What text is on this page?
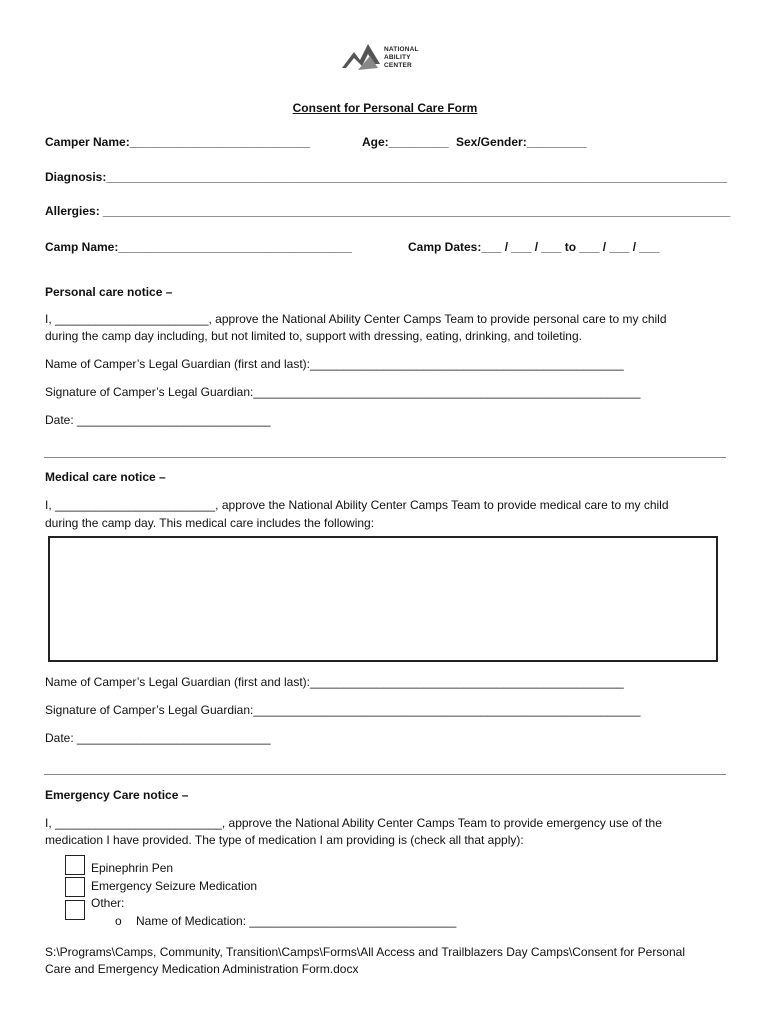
NATIONAL
ABILITY
CENTER
Consent for Personal Care Form
Camper Name:___________________________	Age:_________ Sex/Gender:_________
Diagnosis:_____________________________________________________________________________________________
Allergies: ______________________________________________________________________________________________
Camp Name:___________________________________	Camp Dates:___ / ___ / ___ to ___ / ___ / ___
Personal care notice –
I, _______________________, approve the National Ability Center Camps Team to provide personal care to my child
during the camp day including, but not limited to, support with dressing, eating, drinking, and toileting.
Name of Camper’s Legal Guardian (first and last):_______________________________________________
Signature of Camper’s Legal Guardian:__________________________________________________________
Date: _____________________________
Medical care notice –
I, ________________________, approve the National Ability Center Camps Team to provide medical care to my child
during the camp day. This medical care includes the following:
Name of Camper’s Legal Guardian (first and last):_______________________________________________
Signature of Camper’s Legal Guardian:__________________________________________________________
Date: _____________________________
Emergency Care notice –
I, _________________________, approve the National Ability Center Camps Team to provide emergency use of the
medication I have provided. The type of medication I am providing is (check all that apply):
Epinephrin Pen
Emergency Seizure Medication
Other:
o Name of Medication: _______________________________
S:\Programs\Camps, Community, Transition\Camps\Forms\All Access and Trailblazers Day Camps\Consent for Personal
Care and Emergency Medication Administration Form.docx
